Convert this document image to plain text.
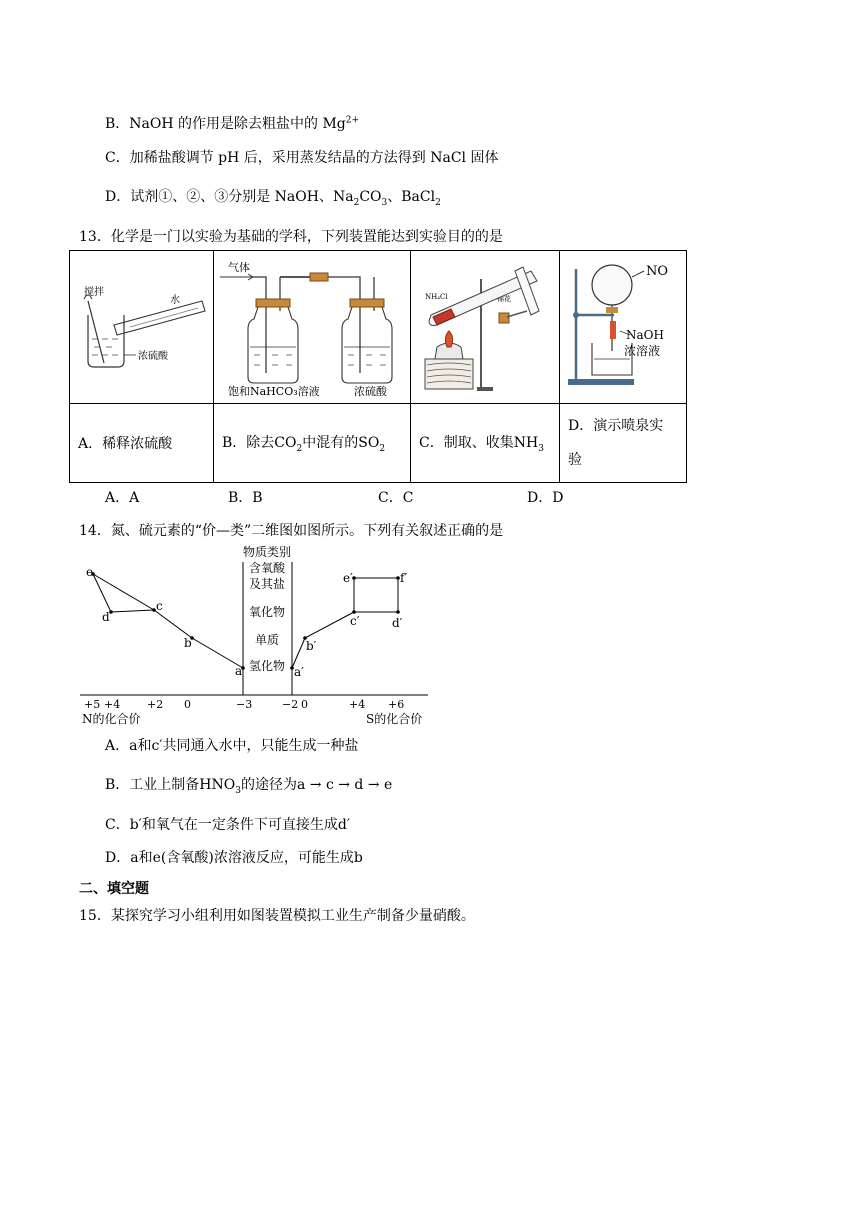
B．NaOH 的作用是除去粗盐中的 $Mg^{2+}$
C．加稀盐酸调节 pH 后，采用蒸发结晶的方法得到 NaCl 固体
D．试剂①、②、③分别是 NaOH、$Na_2CO_3$、BaCl$_2$
13．化学是一门以实验为基础的学科，下列装置能达到实验目的的是
搅拌
水
浓硫酸	气体
饱和NaHCO₃溶液 浓硫酸	NH₄Cl 棉花	NO
NaOH
浓溶液

A．稀释浓硫酸	B．除去$CO_2$中混有的$SO_2$	C．制取、收集$NH_3$	D．演示喷泉实
验
A．A	B．B	C．C	D．D
14．氮、硫元素的“价—类”二维图如图所示。下列有关叙述正确的是
物质类别
含氧酸
及其盐
氧化物
单质
氢化物
+5 +4 +2 0	−3	−2 0	+4 +6
N的化合价	S的化合价
e
d
c
b
a
e′	f′
c′	d′
b′
a′
A．a和c′共同通入水中，只能生成一种盐
B．工业上制备$HNO_3$的途径为a → c → d → e
C．b′和氧气在一定条件下可直接生成d′
D．a和e(含氧酸)浓溶液反应，可能生成b
二、填空题
15．某探究学习小组利用如图装置模拟工业生产制备少量硝酸。
